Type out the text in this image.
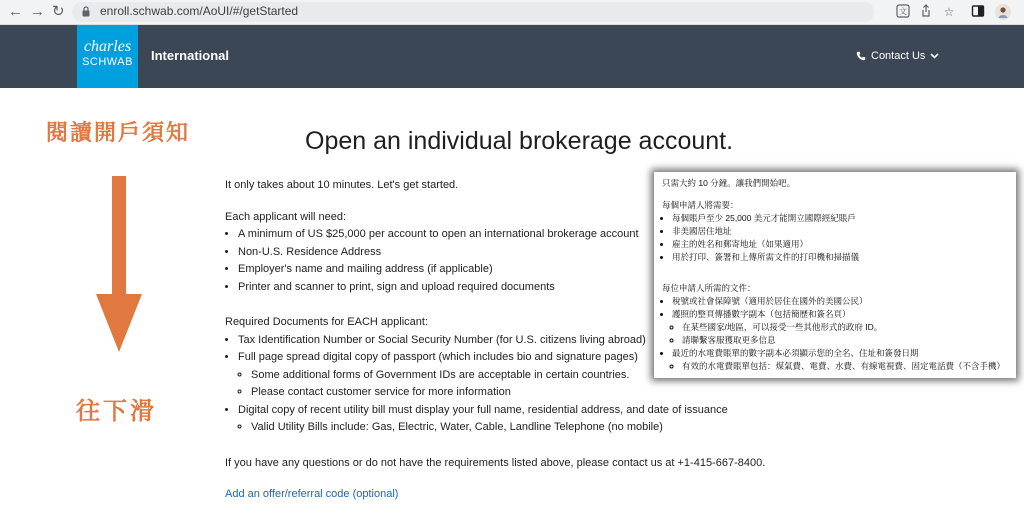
← → ↻	enroll.schwab.com/AoUI/#/getStarted	文	☆
charles
SCHWAB	International	Contact Us
閱讀開戶須知
往下滑
Open an individual brokerage account.

It only takes about 10 minutes. Let's get started.

Each applicant will need:

• A minimum of US $25,000 per account to open an international brokerage account
• Non-U.S. Residence Address
• Employer's name and mailing address (if applicable)
• Printer and scanner to print, sign and upload required documents

Required Documents for EACH applicant:

• Tax Identification Number or Social Security Number (for U.S. citizens living abroad)
• Full page spread digital copy of passport (which includes bio and signature pages)
◦ Some additional forms of Government IDs are acceptable in certain countries.
◦ Please contact customer service for more information
• Digital copy of recent utility bill must display your full name, residential address, and date of issuance
◦ Valid Utility Bills include: Gas, Electric, Water, Cable, Landline Telephone (no mobile)

If you have any questions or do not have the requirements listed above, please contact us at +1-415-667-8400.

Add an offer/referral code (optional)

只需大約 10 分鐘。讓我們開始吧。

每個申請人將需要：

• 每個賬戶至少 25,000 美元才能開立國際經紀賬戶
• 非美國居住地址
• 雇主的姓名和郵寄地址（如果適用）
• 用於打印、簽署和上傳所需文件的打印機和掃描儀

每位申請人所需的文件：

• 稅號或社會保障號（適用於居住在國外的美國公民）
• 護照的整頁傳播數字副本（包括簡歷和簽名頁）
◦ 在某些國家/地區，可以接受一些其他形式的政府 ID。
◦ 請聯繫客服獲取更多信息
• 最近的水電費賬單的數字副本必須顯示您的全名、住址和簽發日期
◦ 有效的水電費賬單包括：煤氣費、電費、水費、有線電視費、固定電話費（不含手機）
